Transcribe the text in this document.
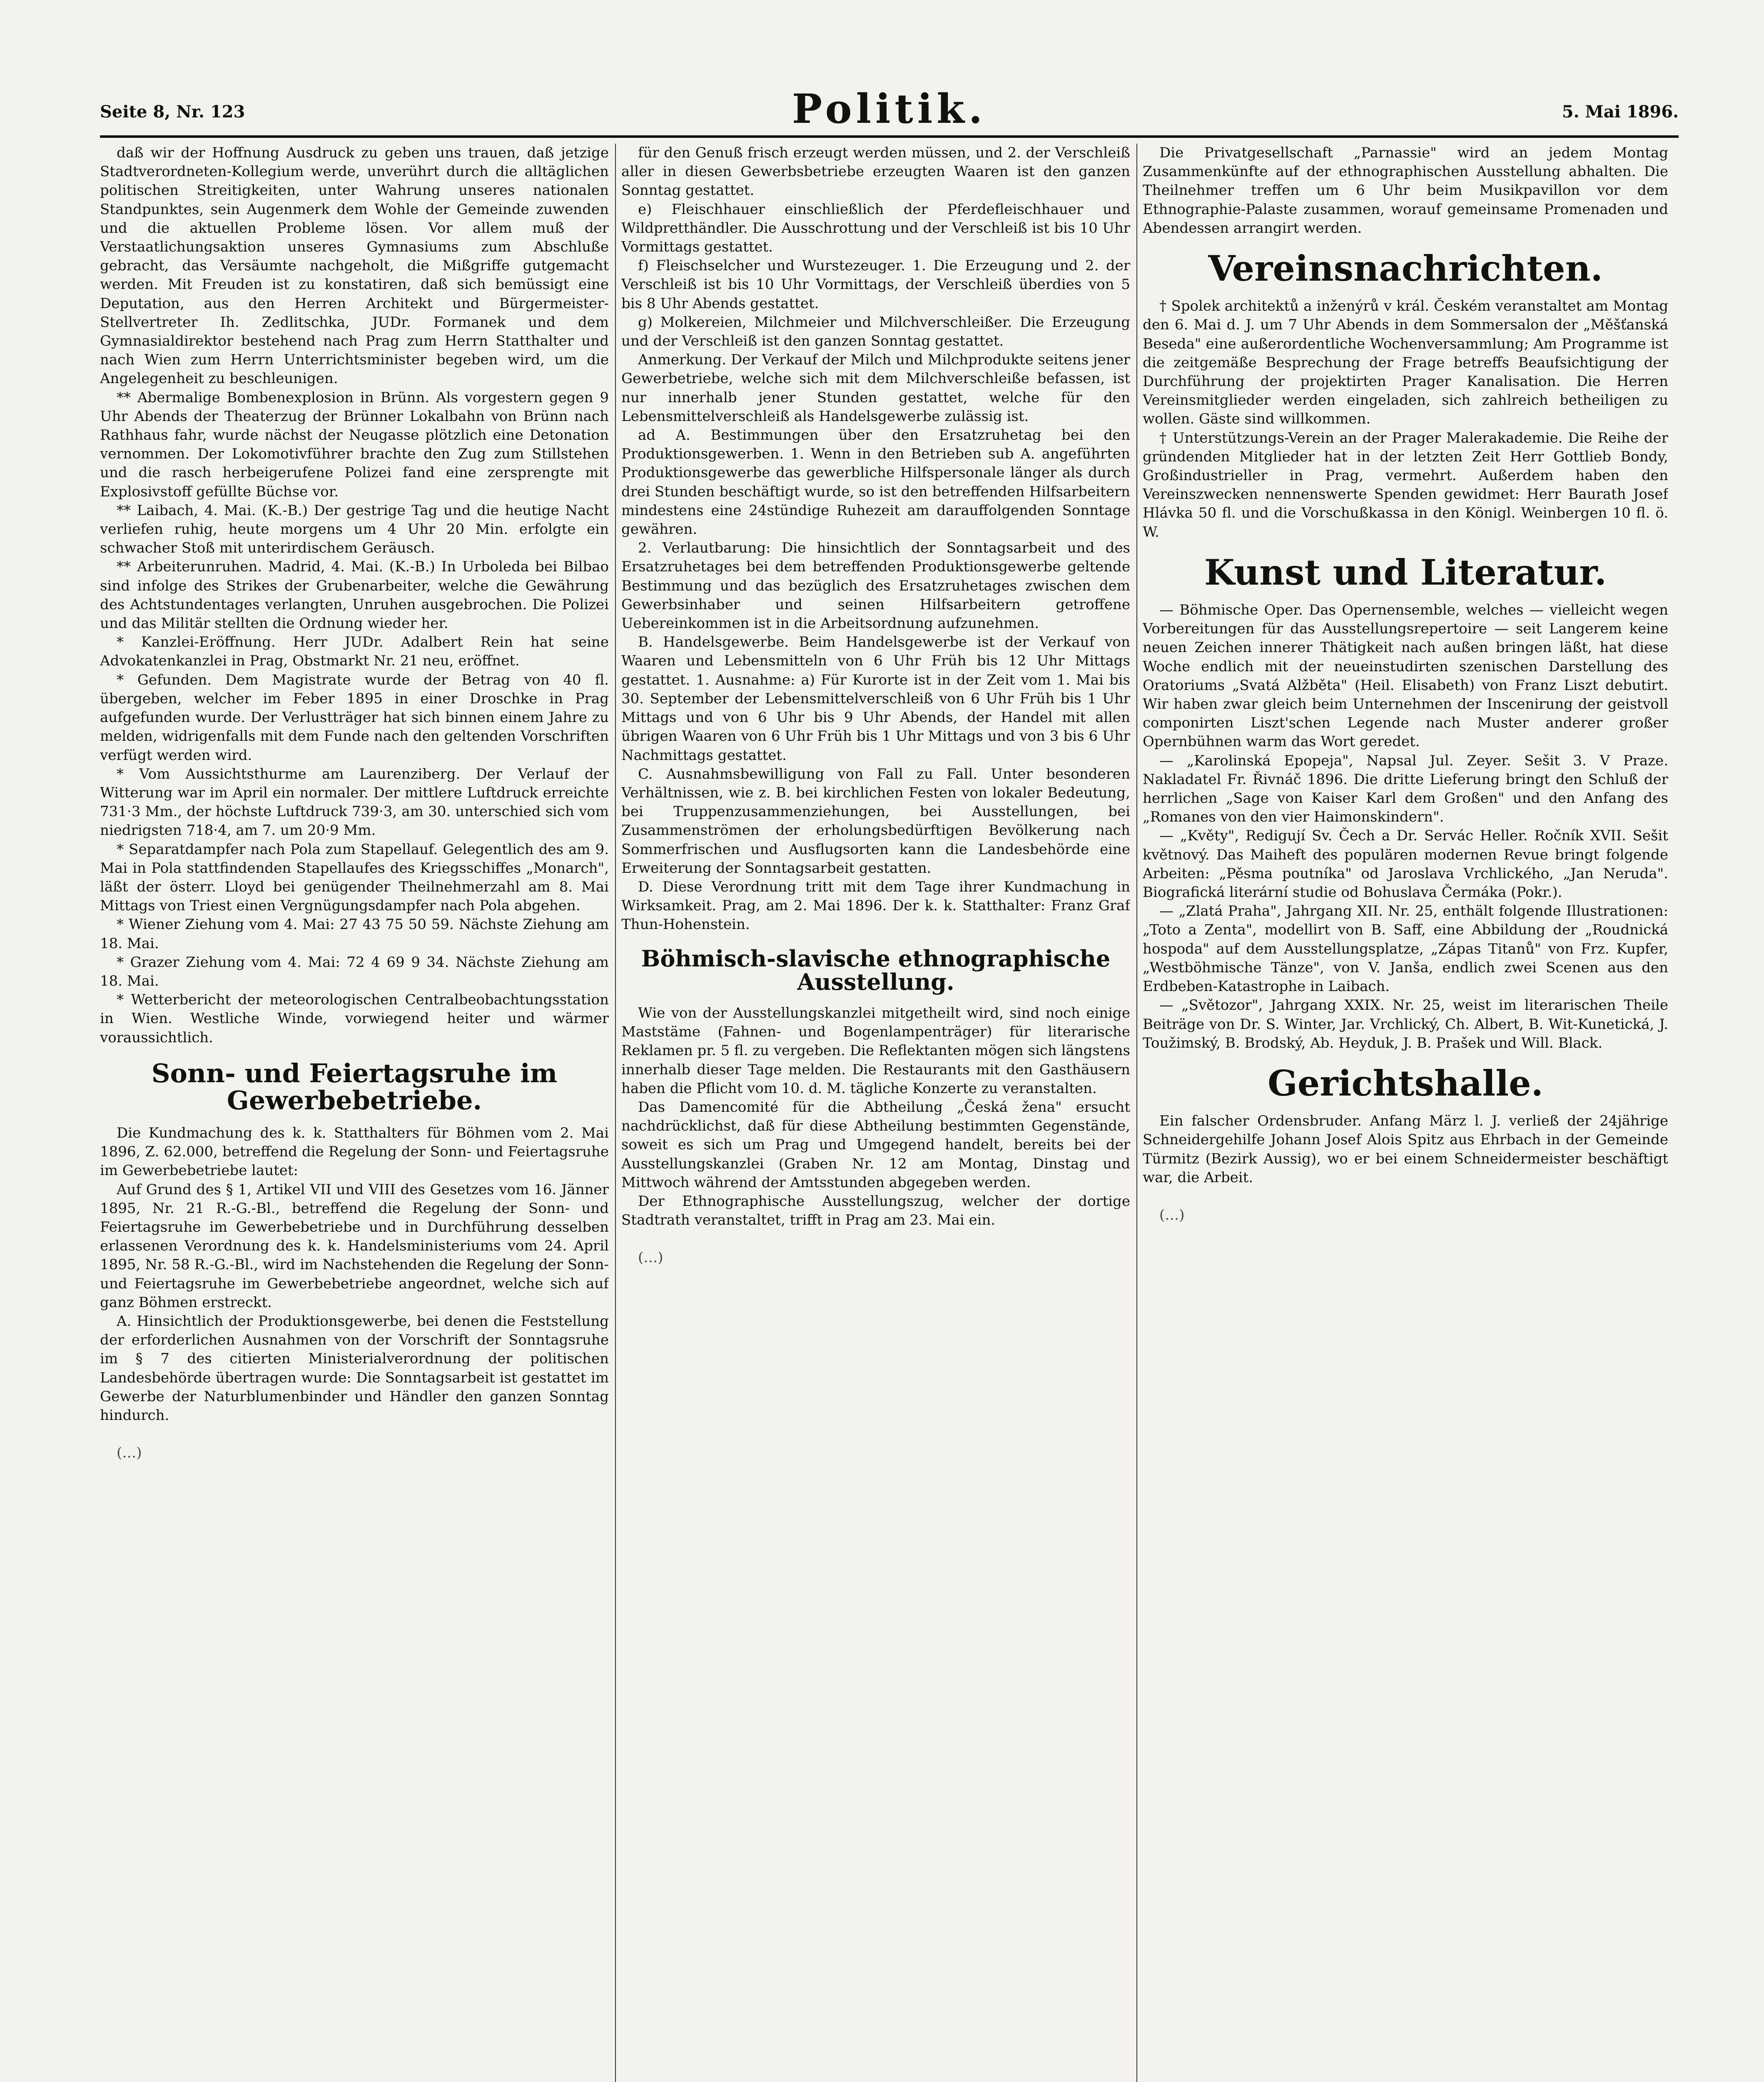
Seite 8, Nr. 123	Politik.	5. Mai 1896.

daß wir der Hoffnung Ausdruck zu geben uns trauen, daß jetzige Stadtverordneten-Kollegium werde, unverührt durch die alltäglichen politischen Streitigkeiten, unter Wahrung unseres nationalen Standpunktes, sein Augenmerk dem Wohle der Gemeinde zuwenden und die aktuellen Probleme lösen. Vor allem muß der Verstaatlichungsaktion unseres Gymnasiums zum Abschluße gebracht, das Versäumte nachgeholt, die Mißgriffe gutgemacht werden. Mit Freuden ist zu konstatiren, daß sich bemüssigt eine Deputation, aus den Herren Architekt und Bürgermeister-Stellvertreter Ih. Zedlitschka, JUDr. Formanek und dem Gymnasialdirektor bestehend nach Prag zum Herrn Statthalter und nach Wien zum Herrn Unterrichtsminister begeben wird, um die Angelegenheit zu beschleunigen.

** Abermalige Bombenexplosion in Brünn. Als vorgestern gegen 9 Uhr Abends der Theaterzug der Brünner Lokalbahn von Brünn nach Rathhaus fahr, wurde nächst der Neugasse plötzlich eine Detonation vernommen. Der Lokomotivführer brachte den Zug zum Stillstehen und die rasch herbeigerufene Polizei fand eine zersprengte mit Explosivstoff gefüllte Büchse vor.

** Laibach, 4. Mai. (K.-B.) Der gestrige Tag und die heutige Nacht verliefen ruhig, heute morgens um 4 Uhr 20 Min. erfolgte ein schwacher Stoß mit unterirdischem Geräusch.

** Arbeiterunruhen. Madrid, 4. Mai. (K.-B.) In Urboleda bei Bilbao sind infolge des Strikes der Grubenarbeiter, welche die Gewährung des Achtstundentages verlangten, Unruhen ausgebrochen. Die Polizei und das Militär stellten die Ordnung wieder her.

* Kanzlei-Eröffnung. Herr JUDr. Adalbert Rein hat seine Advokatenkanzlei in Prag, Obstmarkt Nr. 21 neu, eröffnet.

* Gefunden. Dem Magistrate wurde der Betrag von 40 fl. übergeben, welcher im Feber 1895 in einer Droschke in Prag aufgefunden wurde. Der Verlustträger hat sich binnen einem Jahre zu melden, widrigenfalls mit dem Funde nach den geltenden Vorschriften verfügt werden wird.

* Vom Aussichtsthurme am Laurenziberg. Der Verlauf der Witterung war im April ein normaler. Der mittlere Luftdruck erreichte 731·3 Mm., der höchste Luftdruck 739·3, am 30. unterschied sich vom niedrigsten 718·4, am 7. um 20·9 Mm.

* Separatdampfer nach Pola zum Stapellauf. Gelegentlich des am 9. Mai in Pola stattfindenden Stapellaufes des Kriegsschiffes „Monarch", läßt der österr. Lloyd bei genügender Theilnehmerzahl am 8. Mai Mittags von Triest einen Vergnügungsdampfer nach Pola abgehen.

* Wiener Ziehung vom 4. Mai: 27 43 75 50 59. Nächste Ziehung am 18. Mai.

* Grazer Ziehung vom 4. Mai: 72 4 69 9 34. Nächste Ziehung am 18. Mai.

* Wetterbericht der meteorologischen Centralbeobachtungsstation in Wien. Westliche Winde, vorwiegend heiter und wärmer voraussichtlich.

Sonn- und Feiertagsruhe im Gewerbebetriebe.

Die Kundmachung des k. k. Statthalters für Böhmen vom 2. Mai 1896, Z. 62.000, betreffend die Regelung der Sonn- und Feiertagsruhe im Gewerbebetriebe lautet:

Auf Grund des § 1, Artikel VII und VIII des Gesetzes vom 16. Jänner 1895, Nr. 21 R.-G.-Bl., betreffend die Regelung der Sonn- und Feiertagsruhe im Gewerbebetriebe und in Durchführung desselben erlassenen Verordnung des k. k. Handelsministeriums vom 24. April 1895, Nr. 58 R.-G.-Bl., wird im Nachstehenden die Regelung der Sonn- und Feiertagsruhe im Gewerbebetriebe angeordnet, welche sich auf ganz Böhmen erstreckt.

A. Hinsichtlich der Produktionsgewerbe, bei denen die Feststellung der erforderlichen Ausnahmen von der Vorschrift der Sonntagsruhe im § 7 des citierten Ministerialverordnung der politischen Landesbehörde übertragen wurde: Die Sonntagsarbeit ist gestattet im Gewerbe der Naturblumenbinder und Händler den ganzen Sonntag hindurch.

(…)

für den Genuß frisch erzeugt werden müssen, und 2. der Verschleiß aller in diesen Gewerbsbetriebe erzeugten Waaren ist den ganzen Sonntag gestattet.

e) Fleischhauer einschließlich der Pferdefleischhauer und Wildpretthändler. Die Ausschrottung und der Verschleiß ist bis 10 Uhr Vormittags gestattet.

f) Fleischselcher und Wurstezeuger. 1. Die Erzeugung und 2. der Verschleiß ist bis 10 Uhr Vormittags, der Verschleiß überdies von 5 bis 8 Uhr Abends gestattet.

g) Molkereien, Milchmeier und Milchverschleißer. Die Erzeugung und der Verschleiß ist den ganzen Sonntag gestattet.

Anmerkung. Der Verkauf der Milch und Milchprodukte seitens jener Gewerbetriebe, welche sich mit dem Milchverschleiße befassen, ist nur innerhalb jener Stunden gestattet, welche für den Lebensmittelverschleiß als Handelsgewerbe zulässig ist.

ad A. Bestimmungen über den Ersatzruhetag bei den Produktionsgewerben. 1. Wenn in den Betrieben sub A. angeführten Produktionsgewerbe das gewerbliche Hilfspersonale länger als durch drei Stunden beschäftigt wurde, so ist den betreffenden Hilfsarbeitern mindestens eine 24stündige Ruhezeit am darauffolgenden Sonntage gewähren.

2. Verlautbarung: Die hinsichtlich der Sonntagsarbeit und des Ersatzruhetages bei dem betreffenden Produktionsgewerbe geltende Bestimmung und das bezüglich des Ersatzruhetages zwischen dem Gewerbsinhaber und seinen Hilfsarbeitern getroffene Uebereinkommen ist in die Arbeitsordnung aufzunehmen.

B. Handelsgewerbe. Beim Handelsgewerbe ist der Verkauf von Waaren und Lebensmitteln von 6 Uhr Früh bis 12 Uhr Mittags gestattet. 1. Ausnahme: a) Für Kurorte ist in der Zeit vom 1. Mai bis 30. September der Lebensmittelverschleiß von 6 Uhr Früh bis 1 Uhr Mittags und von 6 Uhr bis 9 Uhr Abends, der Handel mit allen übrigen Waaren von 6 Uhr Früh bis 1 Uhr Mittags und von 3 bis 6 Uhr Nachmittags gestattet.

C. Ausnahmsbewilligung von Fall zu Fall. Unter besonderen Verhältnissen, wie z. B. bei kirchlichen Festen von lokaler Bedeutung, bei Truppenzusammenziehungen, bei Ausstellungen, bei Zusammenströmen der erholungsbedürftigen Bevölkerung nach Sommerfrischen und Ausflugsorten kann die Landesbehörde eine Erweiterung der Sonntagsarbeit gestatten.

D. Diese Verordnung tritt mit dem Tage ihrer Kundmachung in Wirksamkeit. Prag, am 2. Mai 1896. Der k. k. Statthalter: Franz Graf Thun-Hohenstein.

Böhmisch-slavische ethnographische Ausstellung.

Wie von der Ausstellungskanzlei mitgetheilt wird, sind noch einige Maststäme (Fahnen- und Bogenlampenträger) für literarische Reklamen pr. 5 fl. zu vergeben. Die Reflektanten mögen sich längstens innerhalb dieser Tage melden. Die Restaurants mit den Gasthäusern haben die Pflicht vom 10. d. M. tägliche Konzerte zu veranstalten.

Das Damencomité für die Abtheilung „Česká žena" ersucht nachdrücklichst, daß für diese Abtheilung bestimmten Gegenstände, soweit es sich um Prag und Umgegend handelt, bereits bei der Ausstellungskanzlei (Graben Nr. 12 am Montag, Dinstag und Mittwoch während der Amtsstunden abgegeben werden.

Der Ethnographische Ausstellungszug, welcher der dortige Stadtrath veranstaltet, trifft in Prag am 23. Mai ein.

(…)

Die Privatgesellschaft „Parnassie" wird an jedem Montag Zusammenkünfte auf der ethnographischen Ausstellung abhalten. Die Theilnehmer treffen um 6 Uhr beim Musikpavillon vor dem Ethnographie-Palaste zusammen, worauf gemeinsame Promenaden und Abendessen arrangirt werden.

Vereinsnachrichten.

† Spolek architektů a inženýrů v král. Českém veranstaltet am Montag den 6. Mai d. J. um 7 Uhr Abends in dem Sommersalon der „Měšťanská Beseda" eine außerordentliche Wochenversammlung; Am Programme ist die zeitgemäße Besprechung der Frage betreffs Beaufsichtigung der Durchführung der projektirten Prager Kanalisation. Die Herren Vereinsmitglieder werden eingeladen, sich zahlreich betheiligen zu wollen. Gäste sind willkommen.

† Unterstützungs-Verein an der Prager Malerakademie. Die Reihe der gründenden Mitglieder hat in der letzten Zeit Herr Gottlieb Bondy, Großindustrieller in Prag, vermehrt. Außerdem haben den Vereinszwecken nennenswerte Spenden gewidmet: Herr Baurath Josef Hlávka 50 fl. und die Vorschußkassa in den Königl. Weinbergen 10 fl. ö. W.

Kunst und Literatur.

— Böhmische Oper. Das Opernensemble, welches — vielleicht wegen Vorbereitungen für das Ausstellungsrepertoire — seit Langerem keine neuen Zeichen innerer Thätigkeit nach außen bringen läßt, hat diese Woche endlich mit der neueinstudirten szenischen Darstellung des Oratoriums „Svatá Alžběta" (Heil. Elisabeth) von Franz Liszt debutirt. Wir haben zwar gleich beim Unternehmen der Inscenirung der geistvoll componirten Liszt'schen Legende nach Muster anderer großer Opernbühnen warm das Wort geredet.

— „Karolinská Epopeja", Napsal Jul. Zeyer. Sešit 3. V Praze. Nakladatel Fr. Řivnáč 1896. Die dritte Lieferung bringt den Schluß der herrlichen „Sage von Kaiser Karl dem Großen" und den Anfang des „Romanes von den vier Haimonskindern".

— „Květy", Redigují Sv. Čech a Dr. Servác Heller. Ročník XVII. Sešit květnový. Das Maiheft des populären modernen Revue bringt folgende Arbeiten: „Pěsma poutníka" od Jaroslava Vrchlického, „Jan Neruda". Biografická literární studie od Bohuslava Čermáka (Pokr.).

— „Zlatá Praha", Jahrgang XII. Nr. 25, enthält folgende Illustrationen: „Toto a Zenta", modellirt von B. Saff, eine Abbildung der „Roudnická hospoda" auf dem Ausstellungsplatze, „Zápas Titanů" von Frz. Kupfer, „Westböhmische Tänze", von V. Janša, endlich zwei Scenen aus den Erdbeben-Katastrophe in Laibach.

— „Světozor", Jahrgang XXIX. Nr. 25, weist im literarischen Theile Beiträge von Dr. S. Winter, Jar. Vrchlický, Ch. Albert, B. Wit-Kunetická, J. Toužimský, B. Brodský, Ab. Heyduk, J. B. Prašek und Will. Black.

Gerichtshalle.

Ein falscher Ordensbruder. Anfang März l. J. verließ der 24jährige Schneidergehilfe Johann Josef Alois Spitz aus Ehrbach in der Gemeinde Türmitz (Bezirk Aussig), wo er bei einem Schneidermeister beschäftigt war, die Arbeit.

(…)
